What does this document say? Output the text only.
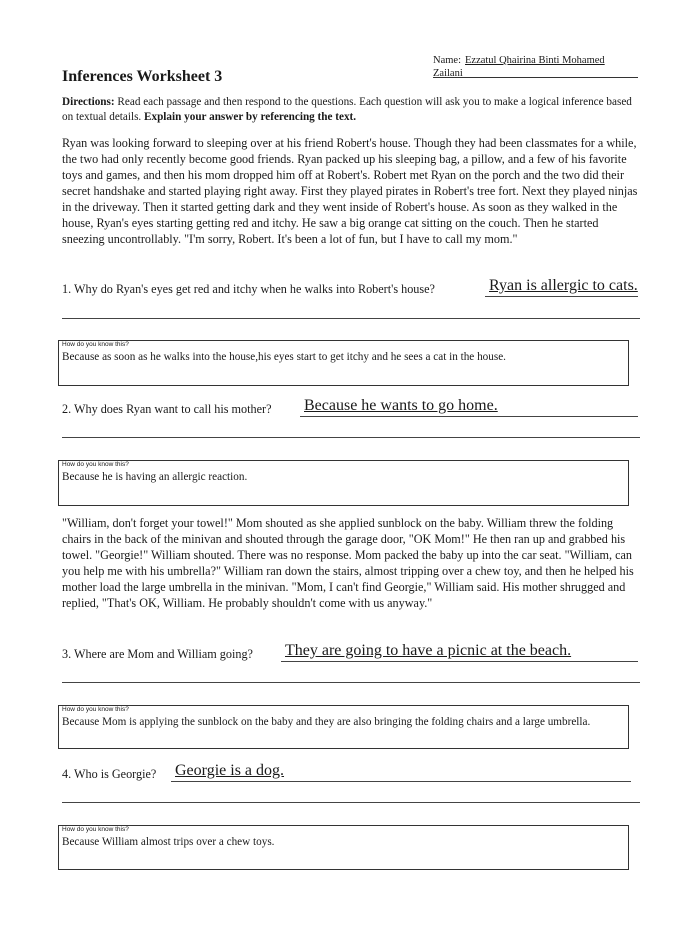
Name: Ezzatul Qhairina Binti Mohamed
Zailani
Inferences Worksheet 3
Directions: Read each passage and then respond to the questions. Each question will ask you to make a logical inference based on textual details. Explain your answer by referencing the text.
Ryan was looking forward to sleeping over at his friend Robert's house. Though they had been classmates for a while, the two had only recently become good friends. Ryan packed up his sleeping bag, a pillow, and a few of his favorite toys and games, and then his mom dropped him off at Robert's. Robert met Ryan on the porch and the two did their secret handshake and started playing right away. First they played pirates in Robert's tree fort. Next they played ninjas in the driveway. Then it started getting dark and they went inside of Robert's house. As soon as they walked in the house, Ryan's eyes starting getting red and itchy. He saw a big orange cat sitting on the couch. Then he started sneezing uncontrollably. "I'm sorry, Robert. It's been a lot of fun, but I have to call my mom."
1. Why do Ryan's eyes get red and itchy when he walks into Robert's house?	Ryan is allergic to cats.
How do you know this?
Because as soon as he walks into the house,his eyes start to get itchy and he sees a cat in the house.
2. Why does Ryan want to call his mother? Because he wants to go home.
How do you know this?
Because he is having an allergic reaction.
"William, don't forget your towel!" Mom shouted as she applied sunblock on the baby. William threw the folding chairs in the back of the minivan and shouted through the garage door, "OK Mom!" He then ran up and grabbed his towel. "Georgie!" William shouted. There was no response. Mom packed the baby up into the car seat. "William, can you help me with his umbrella?" William ran down the stairs, almost tripping over a chew toy, and then he helped his mother load the large umbrella in the minivan. "Mom, I can't find Georgie," William said. His mother shrugged and replied, "That's OK, William. He probably shouldn't come with us anyway."
3. Where are Mom and William going? They are going to have a picnic at the beach.
How do you know this?
Because Mom is applying the sunblock on the baby and they are also bringing the folding chairs and a large umbrella.
4. Who is Georgie? Georgie is a dog.
How do you know this?
Because William almost trips over a chew toys.
